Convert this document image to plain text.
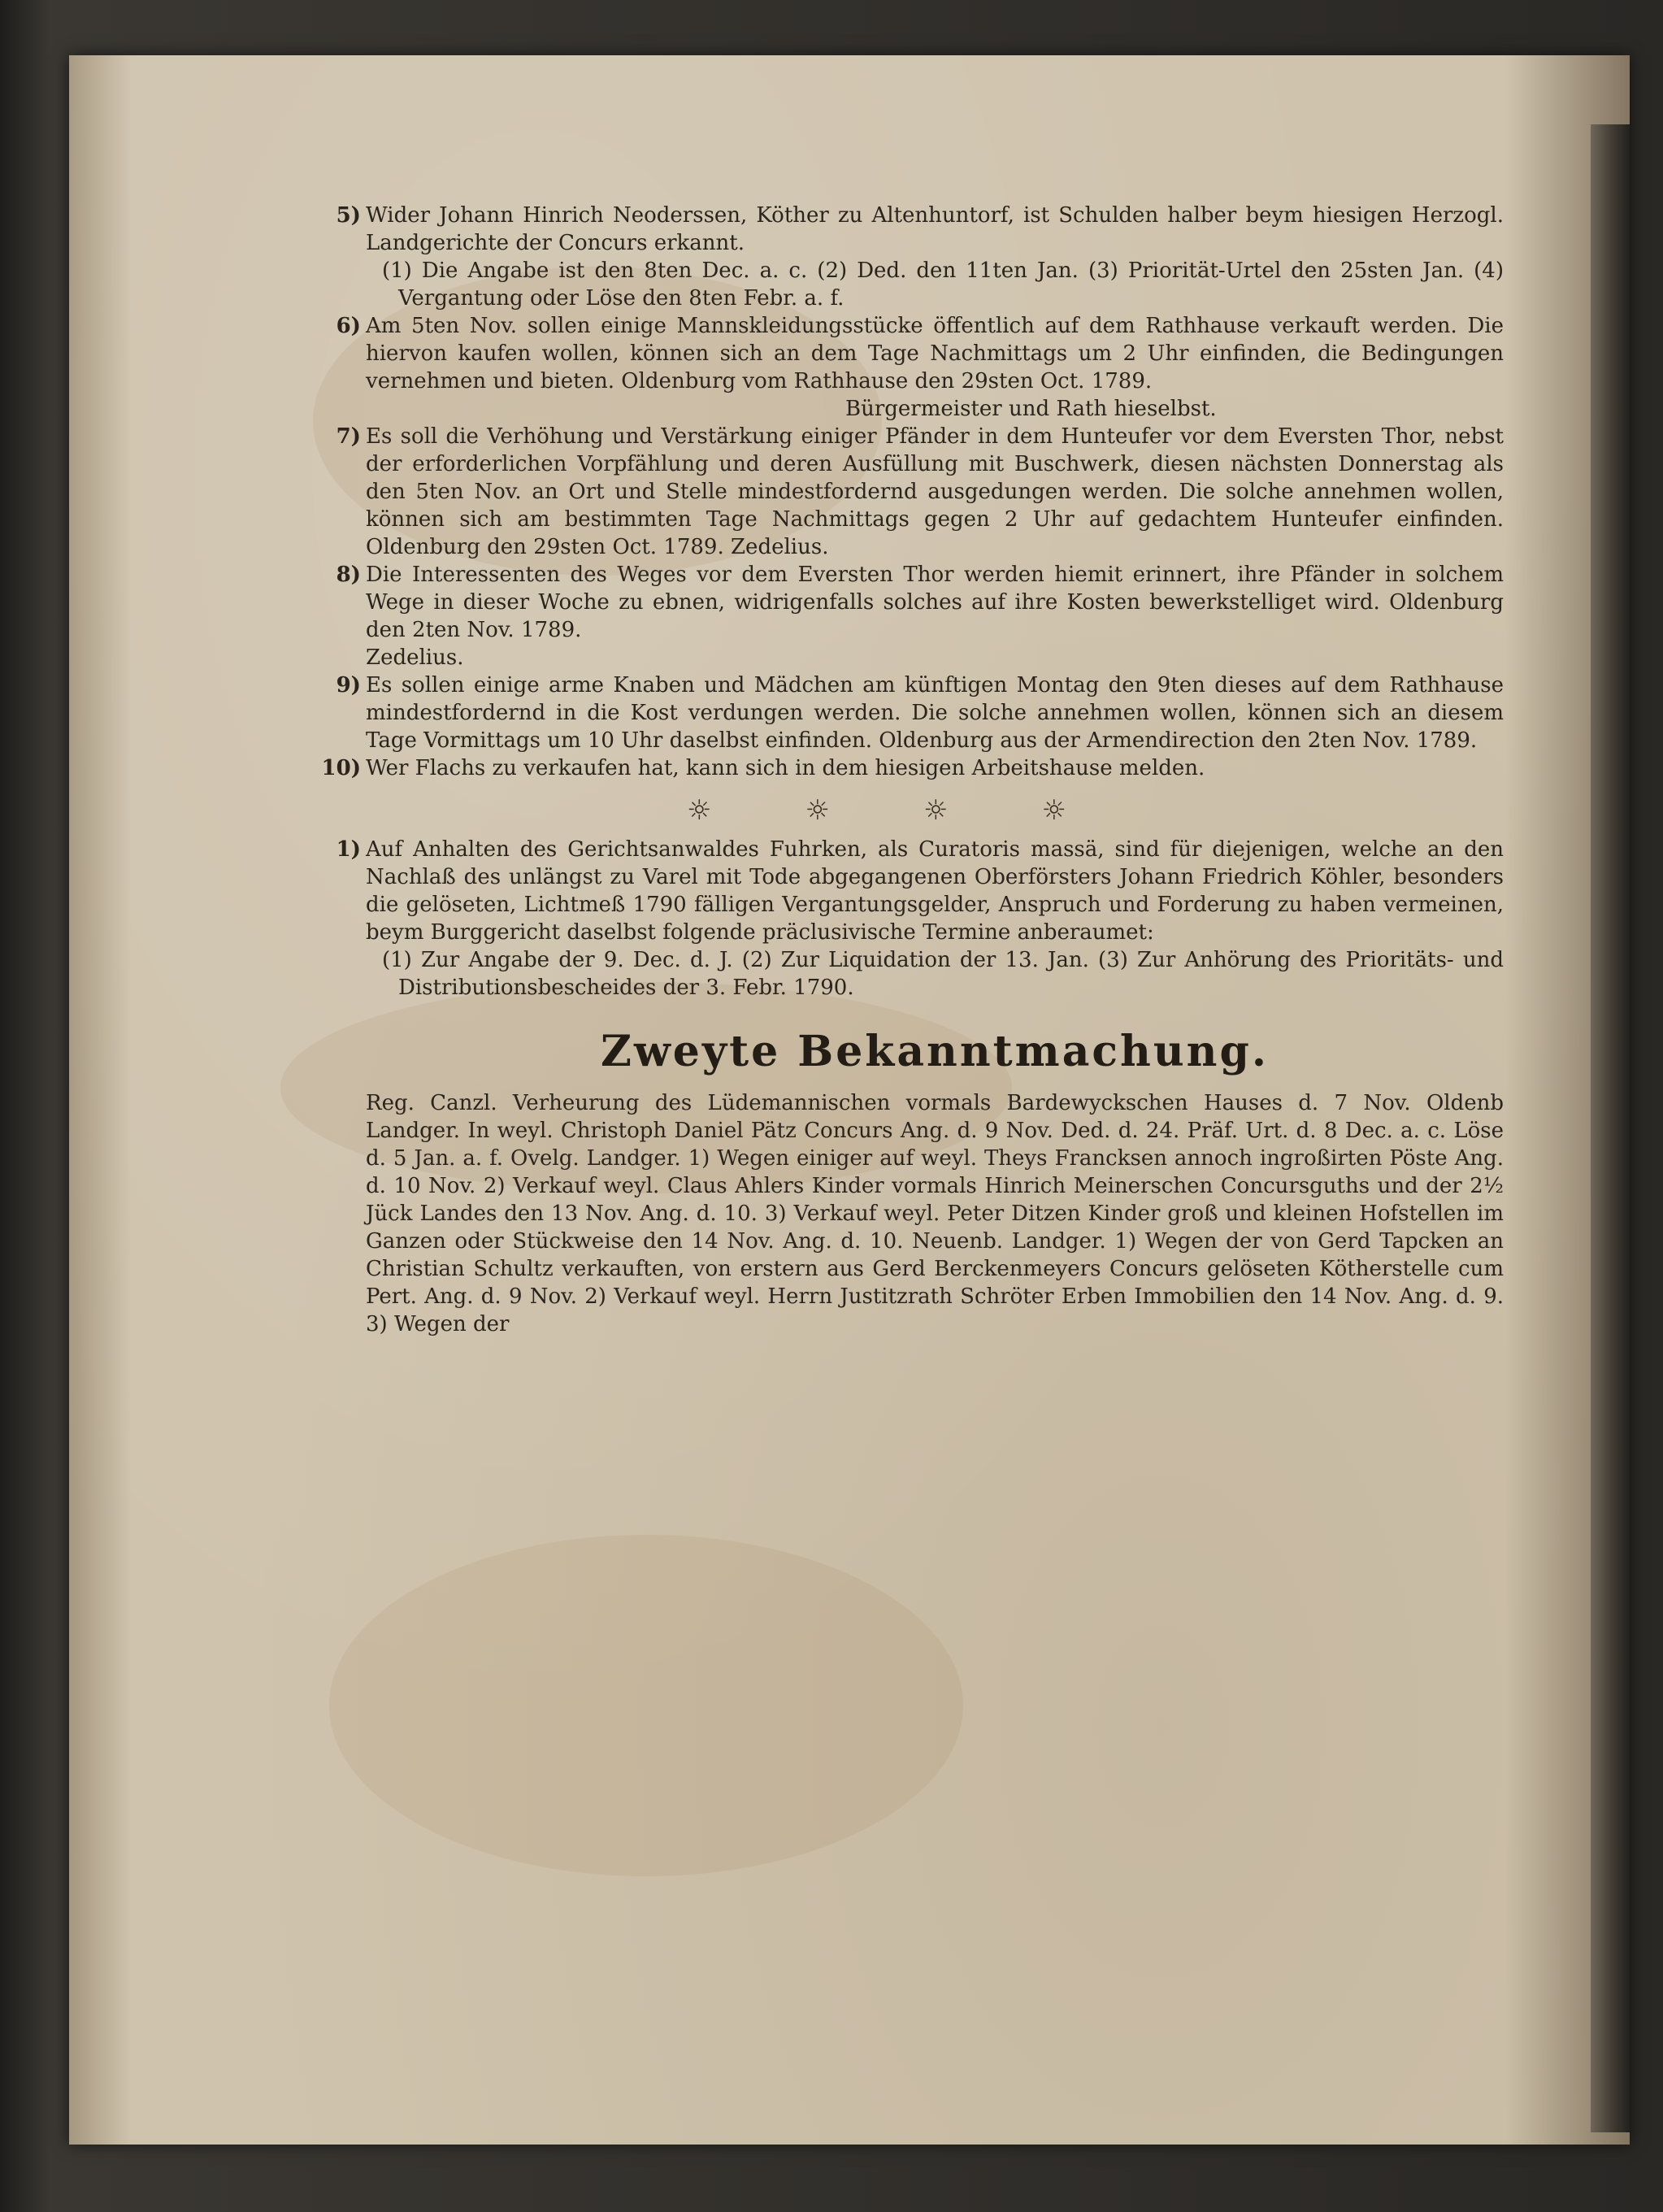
5) Wider Johann Hinrich Neoderssen, Köther zu Altenhuntorf, ist Schulden halber beym hiesigen Herzogl. Landgerichte der Concurs erkannt.

(1) Die Angabe ist den 8ten Dec. a. c. (2) Ded. den 11ten Jan. (3) Priorität-Urtel den 25sten Jan. (4) Vergantung oder Löse den 8ten Febr. a. f.

6) Am 5ten Nov. sollen einige Mannskleidungsstücke öffentlich auf dem Rathhause verkauft werden. Die hiervon kaufen wollen, können sich an dem Tage Nachmittags um 2 Uhr einfinden, die Bedingungen vernehmen und bieten. Oldenburg vom Rathhause den 29sten Oct. 1789.

Bürgermeister und Rath hieselbst.

7) Es soll die Verhöhung und Verstärkung einiger Pfänder in dem Hunteufer vor dem Eversten Thor, nebst der erforderlichen Vorpfählung und deren Ausfüllung mit Buschwerk, diesen nächsten Donnerstag als den 5ten Nov. an Ort und Stelle mindestfordernd ausgedungen werden. Die solche annehmen wollen, können sich am bestimmten Tage Nachmittags gegen 2 Uhr auf gedachtem Hunteufer einfinden. Oldenburg den 29sten Oct. 1789. Zedelius.

8) Die Interessenten des Weges vor dem Eversten Thor werden hiemit erinnert, ihre Pfänder in solchem Wege in dieser Woche zu ebnen, widrigenfalls solches auf ihre Kosten bewerkstelliget wird. Oldenburg den 2ten Nov. 1789.

Zedelius.

9) Es sollen einige arme Knaben und Mädchen am künftigen Montag den 9ten dieses auf dem Rathhause mindestfordernd in die Kost verdungen werden. Die solche annehmen wollen, können sich an diesem Tage Vormittags um 10 Uhr daselbst einfinden. Oldenburg aus der Armendirection den 2ten Nov. 1789.

10) Wer Flachs zu verkaufen hat, kann sich in dem hiesigen Arbeitshause melden.

☼	☼	☼	☼
1) Auf Anhalten des Gerichtsanwaldes Fuhrken, als Curatoris massä, sind für diejenigen, welche an den Nachlaß des unlängst zu Varel mit Tode abgegangenen Oberförsters Johann Friedrich Köhler, besonders die gelöseten, Lichtmeß 1790 fälligen Vergantungsgelder, Anspruch und Forderung zu haben vermeinen, beym Burggericht daselbst folgende präclusivische Termine anberaumet:

(1) Zur Angabe der 9. Dec. d. J. (2) Zur Liquidation der 13. Jan. (3) Zur Anhörung des Prioritäts- und Distributionsbescheides der 3. Febr. 1790.

Zweyte Bekanntmachung.

Reg. Canzl. Verheurung des Lüdemannischen vormals Bardewyckschen Hauses d. 7 Nov. Oldenb Landger. In weyl. Christoph Daniel Pätz Concurs Ang. d. 9 Nov. Ded. d. 24. Präf. Urt. d. 8 Dec. a. c. Löse d. 5 Jan. a. f. Ovelg. Landger. 1) Wegen einiger auf weyl. Theys Francksen annoch ingroßirten Pöste Ang. d. 10 Nov. 2) Verkauf weyl. Claus Ahlers Kinder vormals Hinrich Meinerschen Concursguths und der 2½ Jück Landes den 13 Nov. Ang. d. 10. 3) Verkauf weyl. Peter Ditzen Kinder groß und kleinen Hofstellen im Ganzen oder Stückweise den 14 Nov. Ang. d. 10. Neuenb. Landger. 1) Wegen der von Gerd Tapcken an Christian Schultz verkauften, von erstern aus Gerd Berckenmeyers Concurs gelöseten Kötherstelle cum Pert. Ang. d. 9 Nov. 2) Verkauf weyl. Herrn Justitzrath Schröter Erben Immobilien den 14 Nov. Ang. d. 9. 3) Wegen der
